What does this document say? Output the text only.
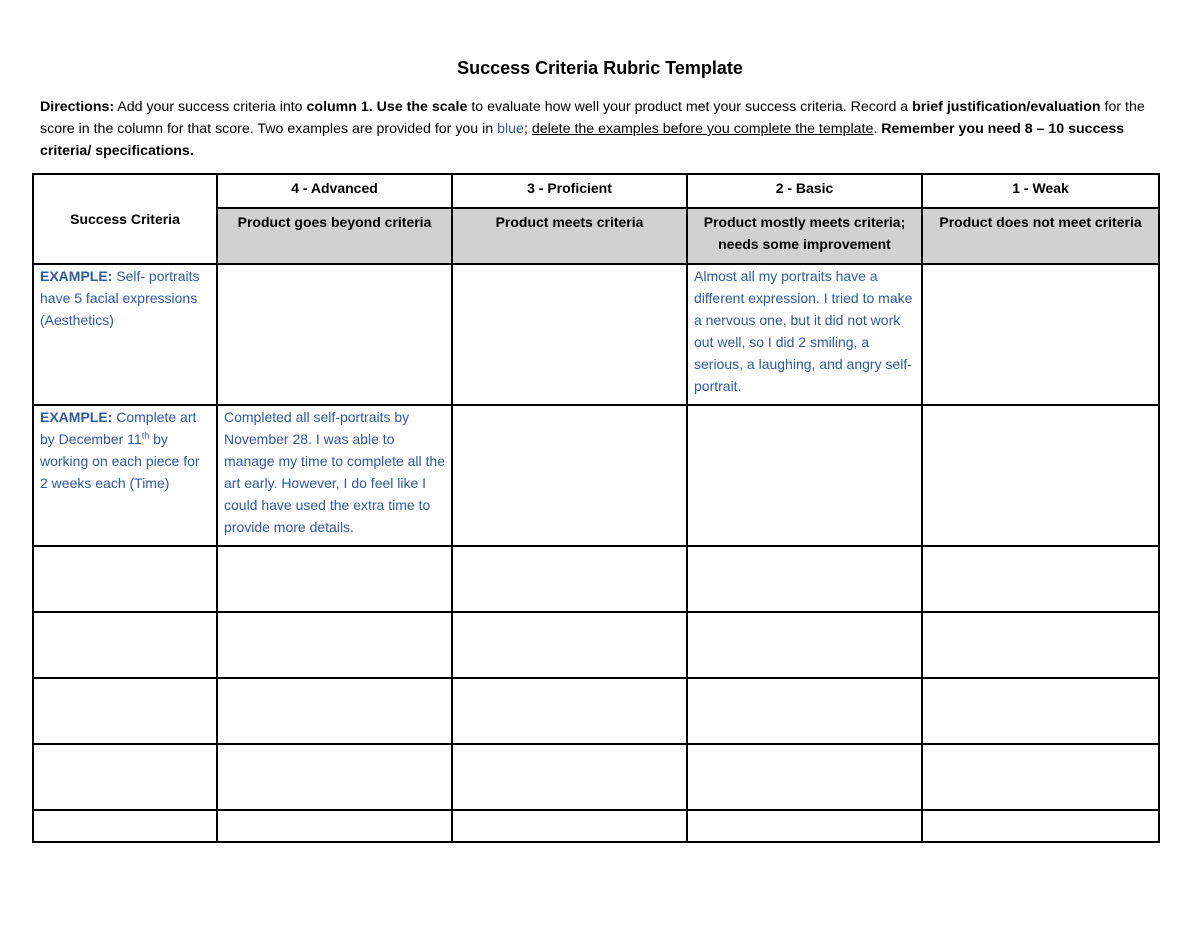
Success Criteria Rubric Template
Directions: Add your success criteria into column 1. Use the scale to evaluate how well your product met your success criteria. Record a brief justification/evaluation for the score in the column for that score. Two examples are provided for you in blue; delete the examples before you complete the template. Remember you need 8 – 10 success criteria/ specifications.
Success Criteria	4 - Advanced	3 - Proficient	2 - Basic	1 - Weak
	Product goes beyond criteria	Product meets criteria	Product mostly meets criteria; needs some improvement	Product does not meet criteria
EXAMPLE: Self- portraits have 5 facial expressions (Aesthetics)			Almost all my portraits have a different expression. I tried to make a nervous one, but it did not work out well, so I did 2 smiling, a serious, a laughing, and angry self-portrait.	
EXAMPLE: Complete art by December 11th by working on each piece for 2 weeks each (Time)	Completed all self-portraits by November 28. I was able to manage my time to complete all the art early. However, I do feel like I could have used the extra time to provide more details.			
